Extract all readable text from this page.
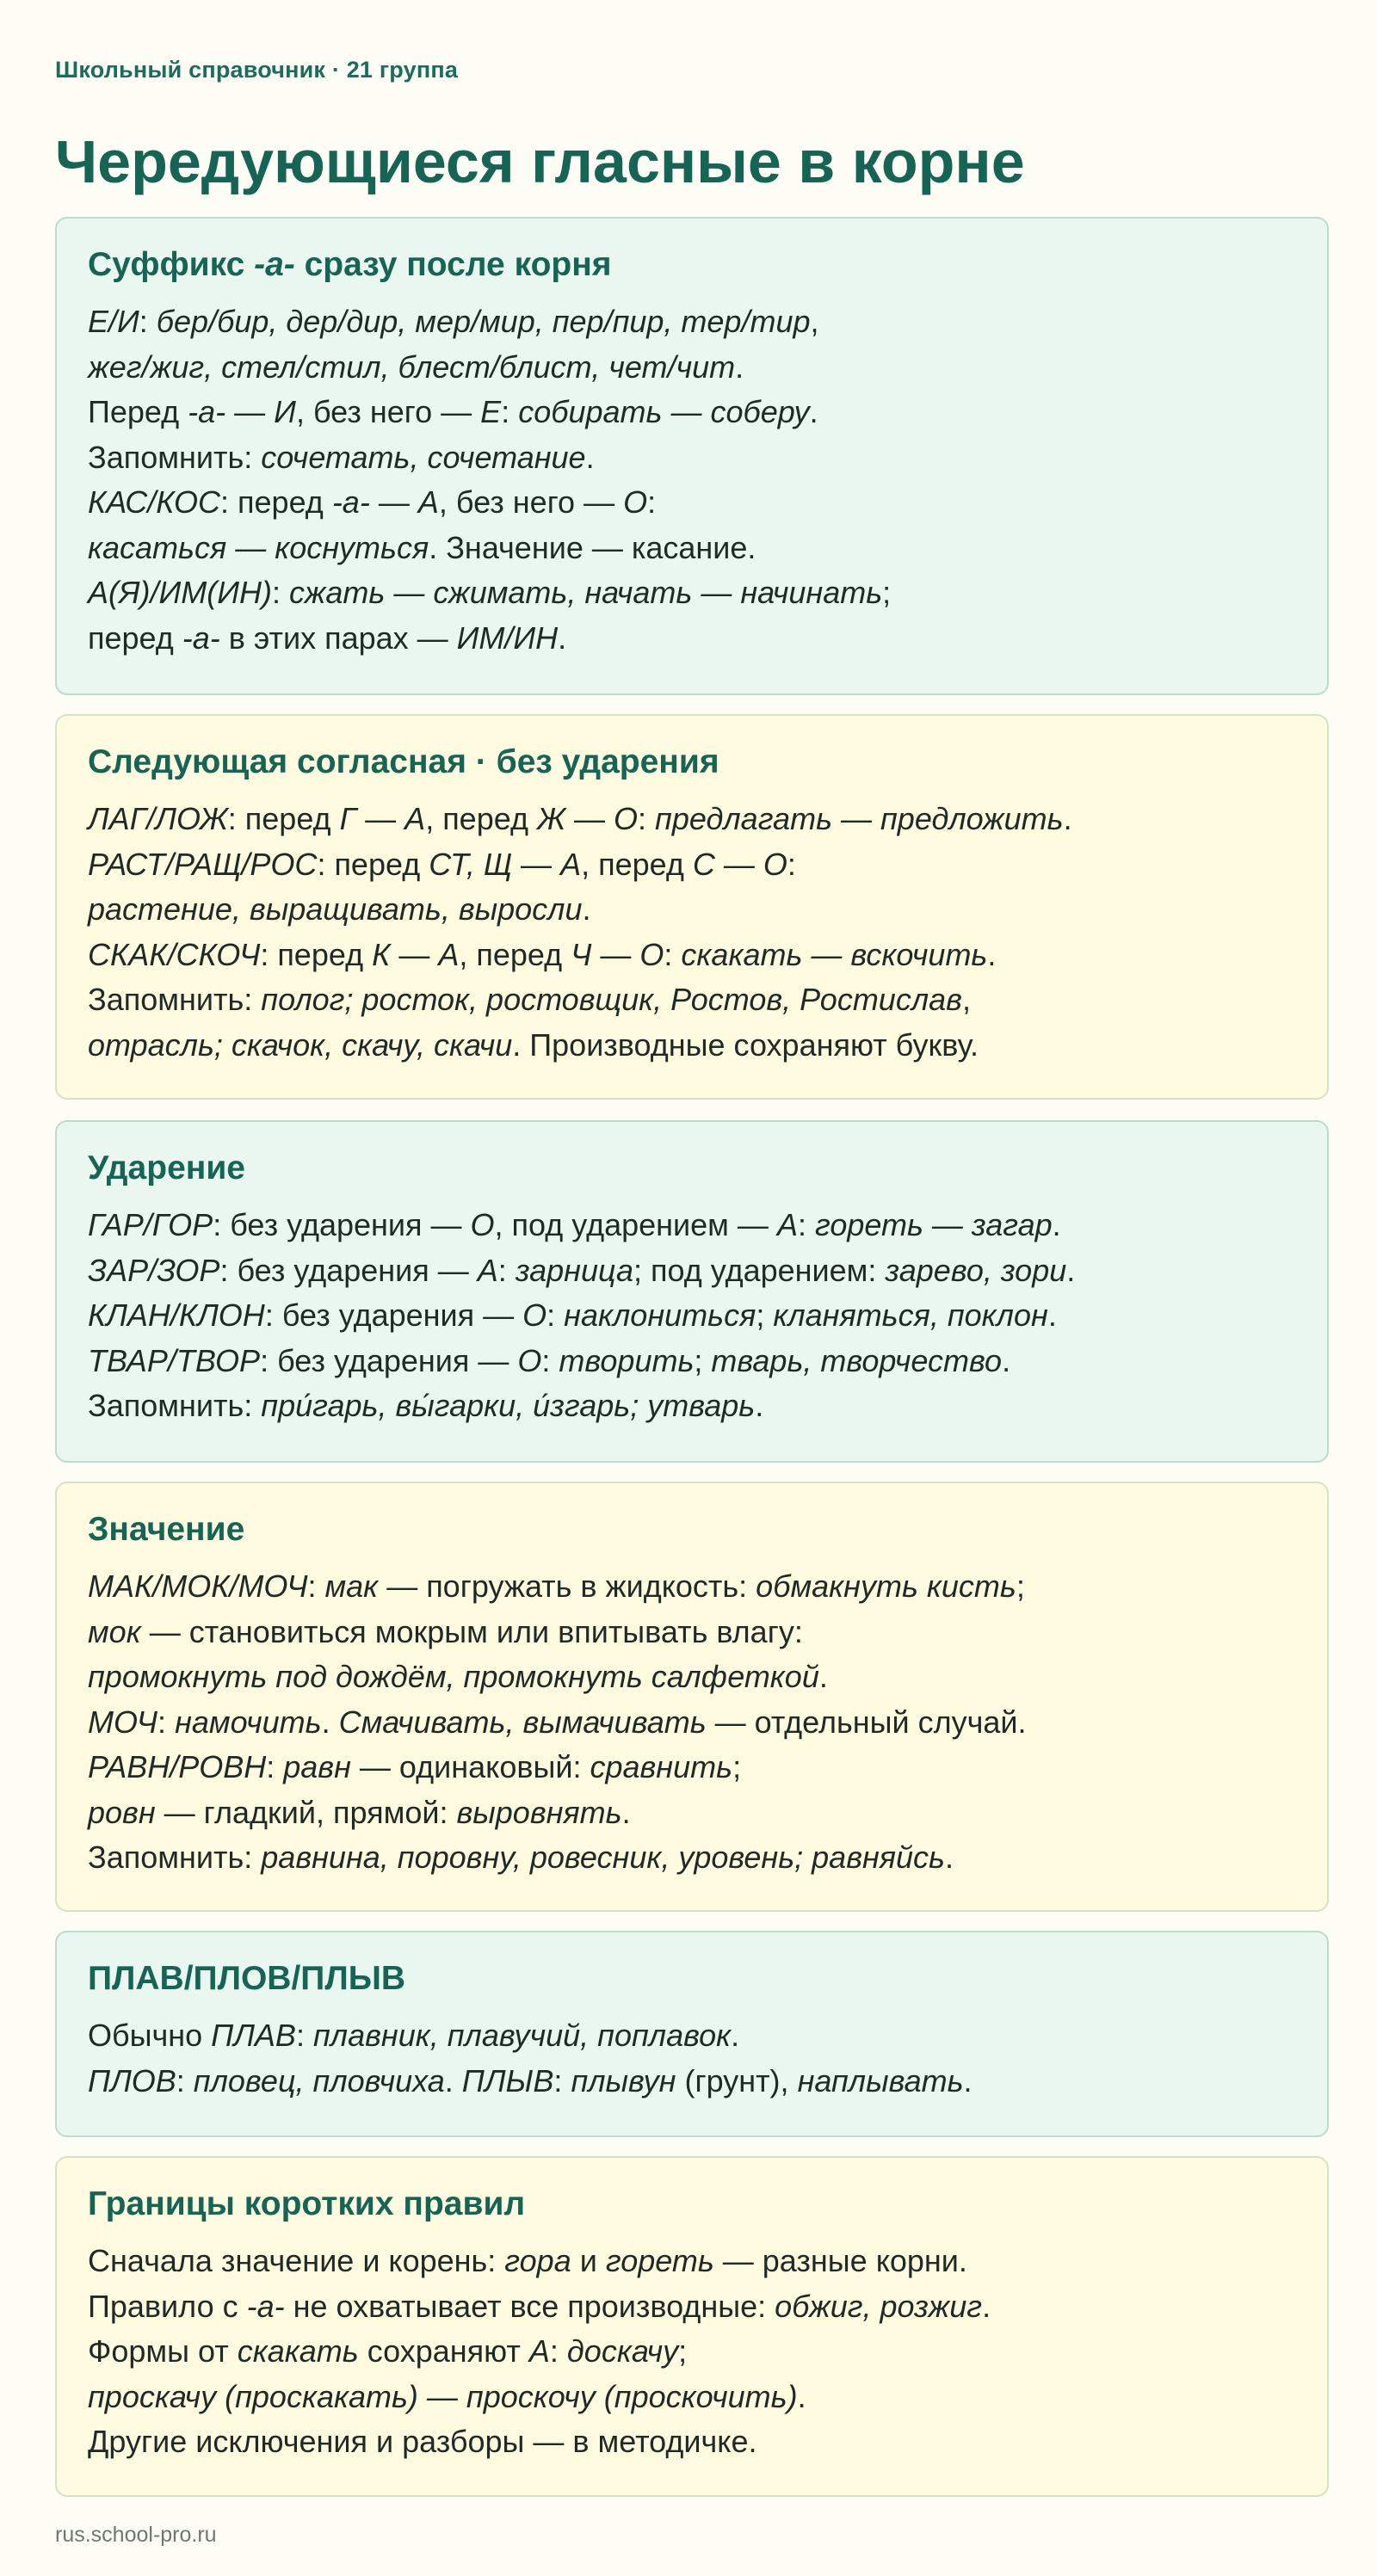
Школьный справочник · 21 группа
Чередующиеся гласные в корне
Суффикс -а- сразу после корня

Е/И: бер/бир, дер/дир, мер/мир, пер/пир, тер/тир,

жег/жиг, стел/стил, блест/блист, чет/чит.

Перед -а- — И, без него — Е: собирать — соберу.

Запомнить: сочетать, сочетание.

КАС/КОС: перед -а- — А, без него — О:

касаться — коснуться. Значение — касание.

А(Я)/ИМ(ИН): сжать — сжимать, начать — начинать;

перед -а- в этих парах — ИМ/ИН.

Следующая согласная · без ударения

ЛАГ/ЛОЖ: перед Г — А, перед Ж — О: предлагать — предложить.

РАСТ/РАЩ/РОС: перед СТ, Щ — А, перед С — О:

растение, выращивать, выросли.

СКАК/СКОЧ: перед К — А, перед Ч — О: скакать — вскочить.

Запомнить: полог; росток, ростовщик, Ростов, Ростислав,

отрасль; скачок, скачу, скачи. Производные сохраняют букву.

Ударение

ГАР/ГОР: без ударения — О, под ударением — А: гореть — загар.

ЗАР/ЗОР: без ударения — А: зарница; под ударением: зарево, зори.

КЛАН/КЛОН: без ударения — О: наклониться; кланяться, поклон.

ТВАР/ТВОР: без ударения — О: творить; тварь, творчество.

Запомнить: при́гарь, вы́гарки, и́згарь; утварь.

Значение

МАК/МОК/МОЧ: мак — погружать в жидкость: обмакнуть кисть;

мок — становиться мокрым или впитывать влагу:

промокнуть под дождём, промокнуть салфеткой.

МОЧ: намочить. Смачивать, вымачивать — отдельный случай.

РАВН/РОВН: равн — одинаковый: сравнить;

ровн — гладкий, прямой: выровнять.

Запомнить: равнина, поровну, ровесник, уровень; равняйсь.

ПЛАВ/ПЛОВ/ПЛЫВ

Обычно ПЛАВ: плавник, плавучий, поплавок.

ПЛОВ: пловец, пловчиха. ПЛЫВ: плывун (грунт), наплывать.

Границы коротких правил

Сначала значение и корень: гора и гореть — разные корни.

Правило с -а- не охватывает все производные: обжиг, розжиг.

Формы от скакать сохраняют А: доскачу;

проскачу (проскакать) — проскочу (проскочить).

Другие исключения и разборы — в методичке.

rus.school-pro.ru
